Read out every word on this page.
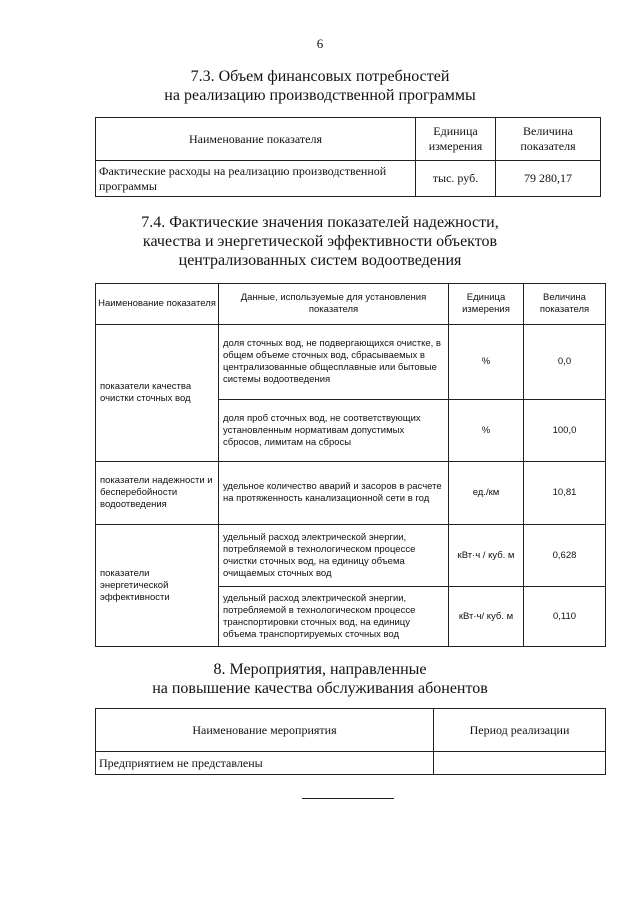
6
7.3. Объем финансовых потребностей
на реализацию производственной программы
Наименование показателя	Единица измерения	Величина показателя
Фактические расходы на реализацию производственной программы	тыс. руб.	79 280,17
7.4. Фактические значения показателей надежности,
качества и энергетической эффективности объектов
централизованных систем водоотведения
Наименование показателя	Данные, используемые для установления показателя	Единица измерения	Величина показателя
показатели качества очистки сточных вод	доля сточных вод, не подвергающихся очистке, в общем объеме сточных вод, сбрасываемых в централизованные общесплавные или бытовые системы водоотведения	%	0,0
	доля проб сточных вод, не соответствующих установленным нормативам допустимых сбросов, лимитам на сбросы	%	100,0
показатели надежности и бесперебойности водоотведения	удельное количество аварий и засоров в расчете на протяженность канализационной сети в год	ед./км	10,81
показатели энергетической эффективности	удельный расход электрической энергии, потребляемой в технологическом процессе очистки сточных вод, на единицу объема очищаемых сточных вод	кВт·ч / куб. м	0,628
	удельный расход электрической энергии, потребляемой в технологическом процессе транспортировки сточных вод, на единицу объема транспортируемых сточных вод	кВт·ч/ куб. м	0,110
8. Мероприятия, направленные
на повышение качества обслуживания абонентов
Наименование мероприятия	Период реализации
Предприятием не представлены	
